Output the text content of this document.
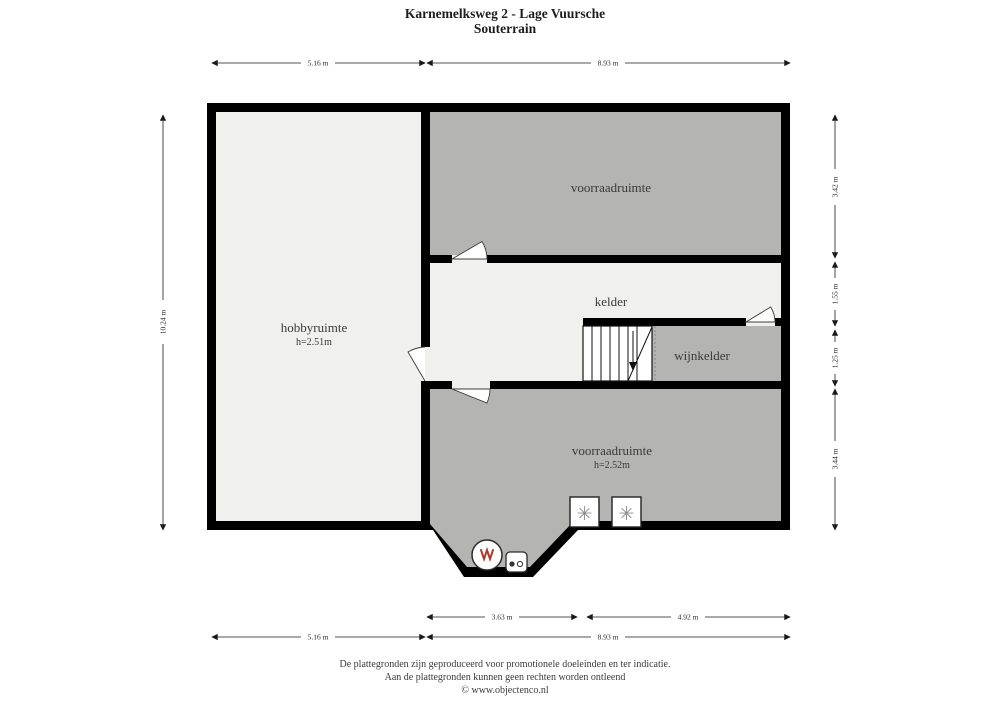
Karnemelksweg 2 - Lage Vuursche
Souterrain
✳ ✳
voorraadruimte
kelder
wijnkelder
hobbyruimte
h=2.51m
voorraadruimte
h=2.52m
5.16 m	8.93 m
10.24 m
3.42 m
1.55 m
1.25 m
3.44 m
3.63 m	4.92 m
5.16 m	8.93 m
De plattegronden zijn geproduceerd voor promotionele doeleinden en ter indicatie.
Aan de plattegronden kunnen geen rechten worden ontleend
© www.objectenco.nl
